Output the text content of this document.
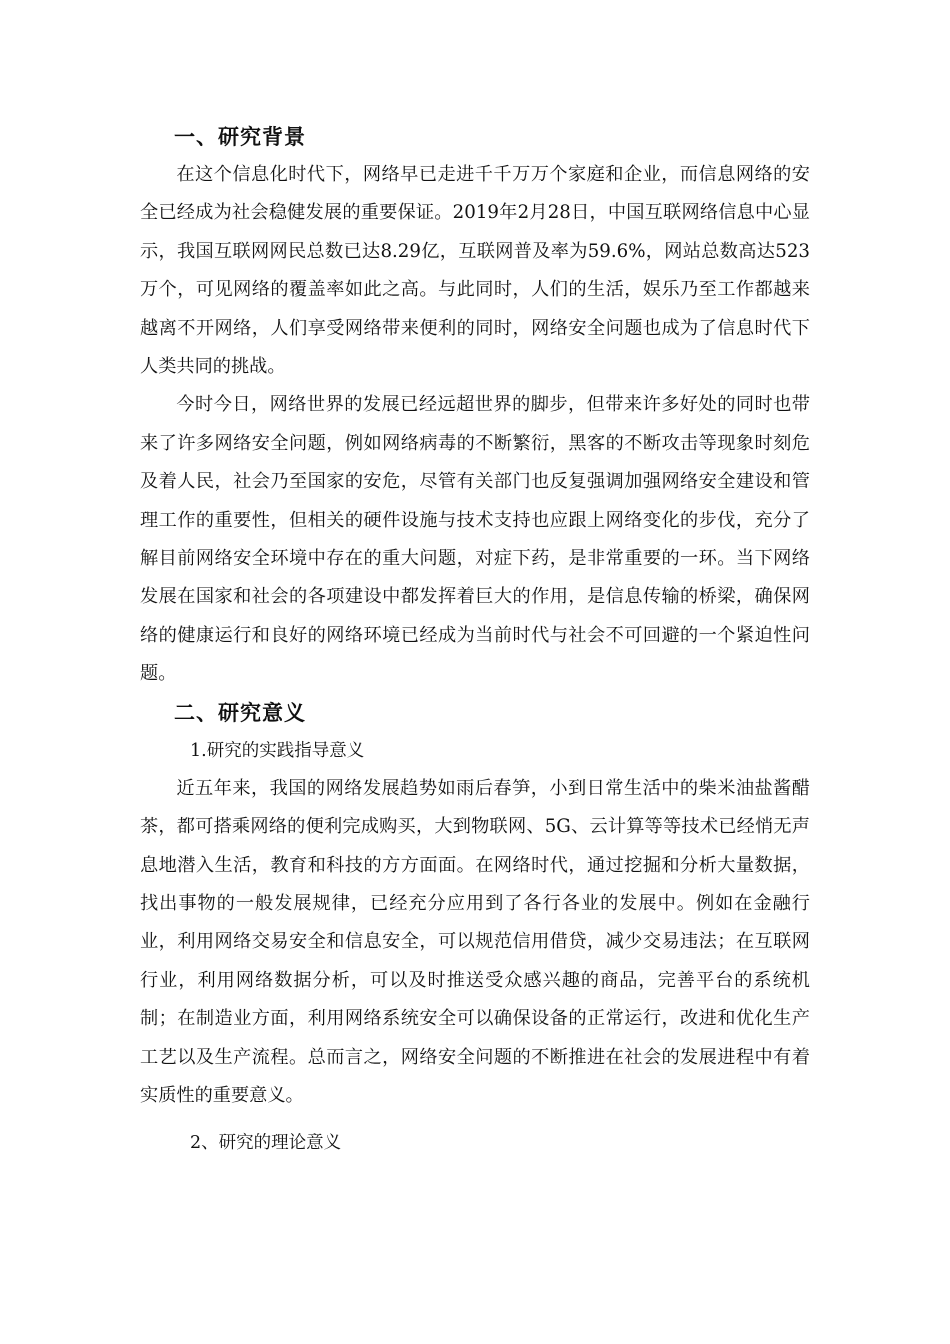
一、研究背景

在这个信息化时代下，网络早已走进千千万万个家庭和企业，而信息网络的安全已经成为社会稳健发展的重要保证。2019年2月28日，中国互联网络信息中心显示，我国互联网网民总数已达8.29亿，互联网普及率为59.6%，网站总数高达523万个，可见网络的覆盖率如此之高。与此同时，人们的生活，娱乐乃至工作都越来越离不开网络，人们享受网络带来便利的同时，网络安全问题也成为了信息时代下人类共同的挑战。

今时今日，网络世界的发展已经远超世界的脚步，但带来许多好处的同时也带来了许多网络安全问题，例如网络病毒的不断繁衍，黑客的不断攻击等现象时刻危及着人民，社会乃至国家的安危，尽管有关部门也反复强调加强网络安全建设和管理工作的重要性，但相关的硬件设施与技术支持也应跟上网络变化的步伐，充分了解目前网络安全环境中存在的重大问题，对症下药，是非常重要的一环。当下网络发展在国家和社会的各项建设中都发挥着巨大的作用，是信息传输的桥梁，确保网络的健康运行和良好的网络环境已经成为当前时代与社会不可回避的一个紧迫性问题。

二、研究意义
1.研究的实践指导意义

近五年来，我国的网络发展趋势如雨后春笋，小到日常生活中的柴米油盐酱醋茶，都可搭乘网络的便利完成购买，大到物联网、5G、云计算等等技术已经悄无声息地潜入生活，教育和科技的方方面面。在网络时代，通过挖掘和分析大量数据，找出事物的一般发展规律，已经充分应用到了各行各业的发展中。例如在金融行业，利用网络交易安全和信息安全，可以规范信用借贷，减少交易违法；在互联网行业，利用网络数据分析，可以及时推送受众感兴趣的商品，完善平台的系统机制；在制造业方面，利用网络系统安全可以确保设备的正常运行，改进和优化生产工艺以及生产流程。总而言之，网络安全问题的不断推进在社会的发展进程中有着实质性的重要意义。

2、研究的理论意义
